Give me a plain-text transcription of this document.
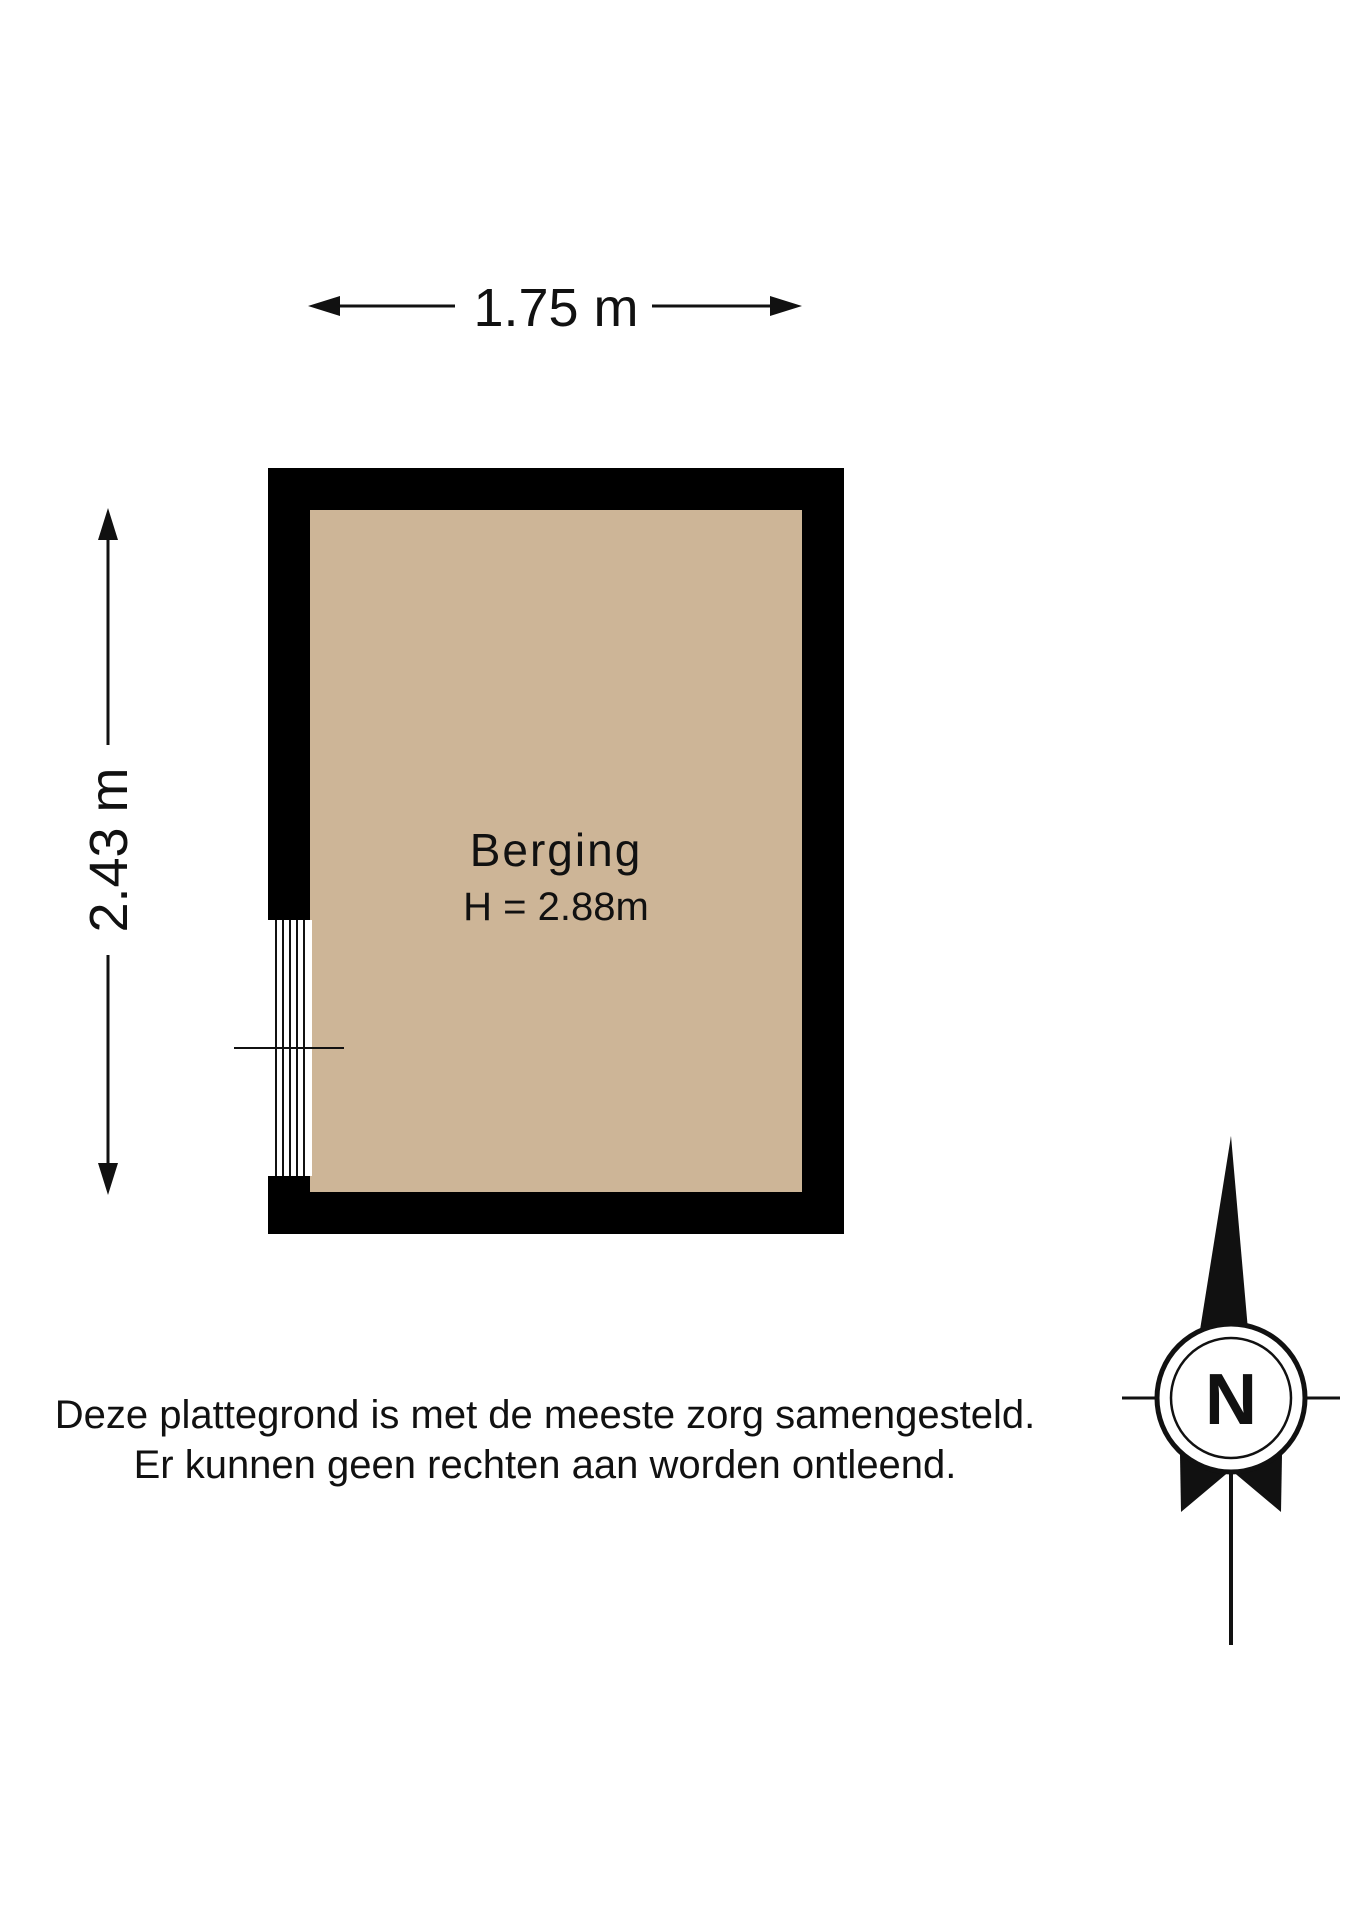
1.75 m
2.43 m	Berging
H = 2.88m
N
Deze plattegrond is met de meeste zorg samengesteld.
Er kunnen geen rechten aan worden ontleend.
